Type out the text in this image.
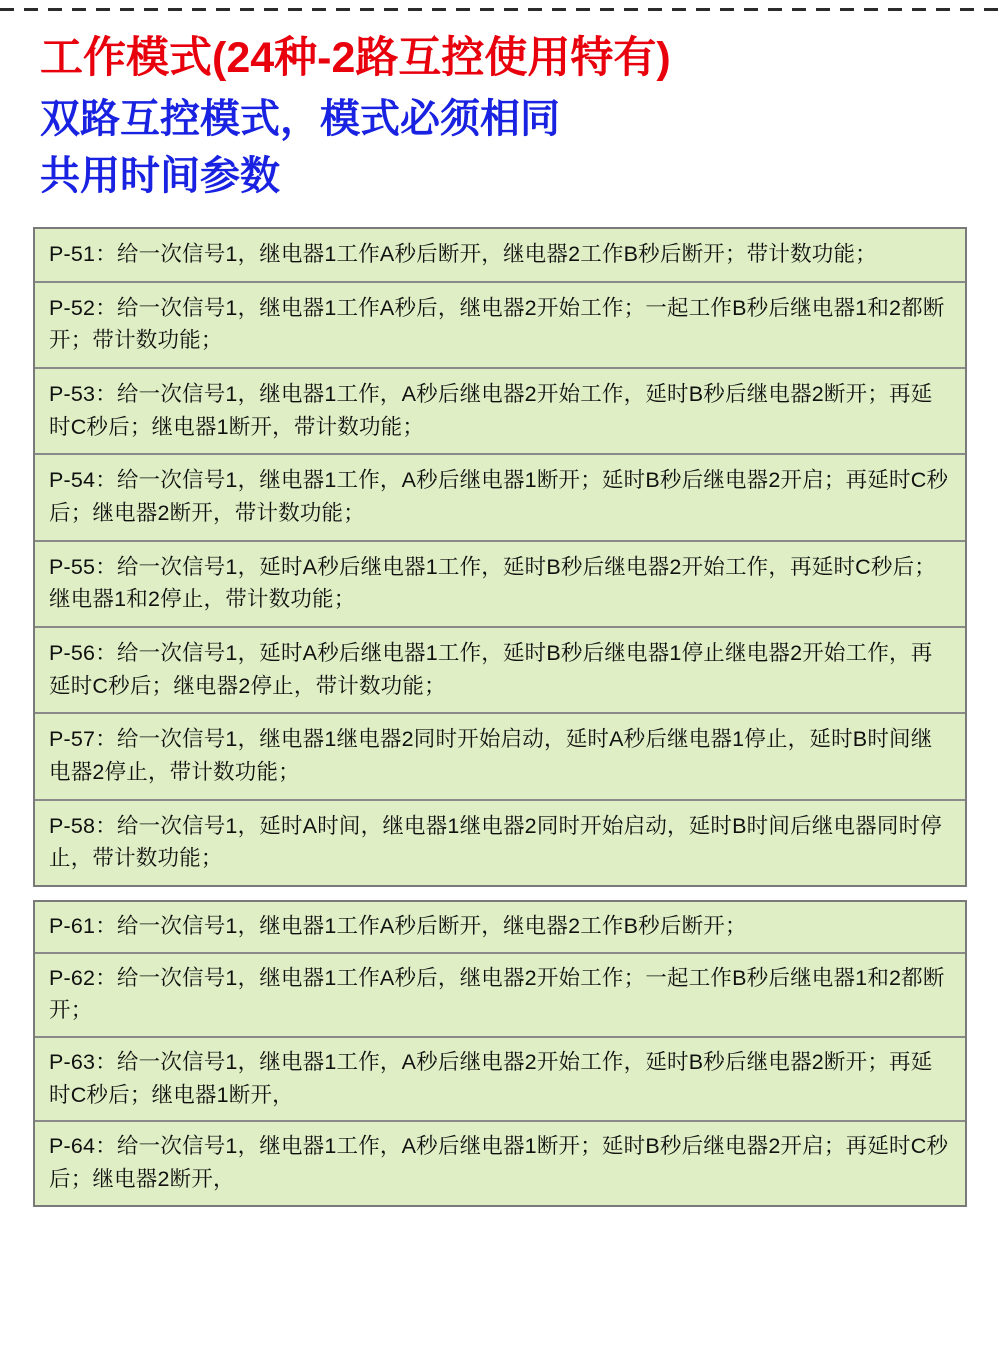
工作模式(24种-2路互控使用特有)
双路互控模式，模式必须相同
共用时间参数
P-51：给一次信号1，继电器1工作A秒后断开，继电器2工作B秒后断开；带计数功能；
P-52：给一次信号1，继电器1工作A秒后，继电器2开始工作；一起工作B秒后继电器1和2都断开；带计数功能；
P-53：给一次信号1，继电器1工作，A秒后继电器2开始工作，延时B秒后继电器2断开；再延时C秒后；继电器1断开，带计数功能；
P-54：给一次信号1，继电器1工作，A秒后继电器1断开；延时B秒后继电器2开启；再延时C秒后；继电器2断开，带计数功能；
P-55：给一次信号1，延时A秒后继电器1工作，延时B秒后继电器2开始工作，再延时C秒后；继电器1和2停止，带计数功能；
P-56：给一次信号1，延时A秒后继电器1工作，延时B秒后继电器1停止继电器2开始工作，再延时C秒后；继电器2停止，带计数功能；
P-57：给一次信号1，继电器1继电器2同时开始启动，延时A秒后继电器1停止，延时B时间继电器2停止，带计数功能；
P-58：给一次信号1，延时A时间，继电器1继电器2同时开始启动，延时B时间后继电器同时停止，带计数功能；
P-61：给一次信号1，继电器1工作A秒后断开，继电器2工作B秒后断开；
P-62：给一次信号1，继电器1工作A秒后，继电器2开始工作；一起工作B秒后继电器1和2都断开；
P-63：给一次信号1，继电器1工作，A秒后继电器2开始工作，延时B秒后继电器2断开；再延时C秒后；继电器1断开，
P-64：给一次信号1，继电器1工作，A秒后继电器1断开；延时B秒后继电器2开启；再延时C秒后；继电器2断开，
